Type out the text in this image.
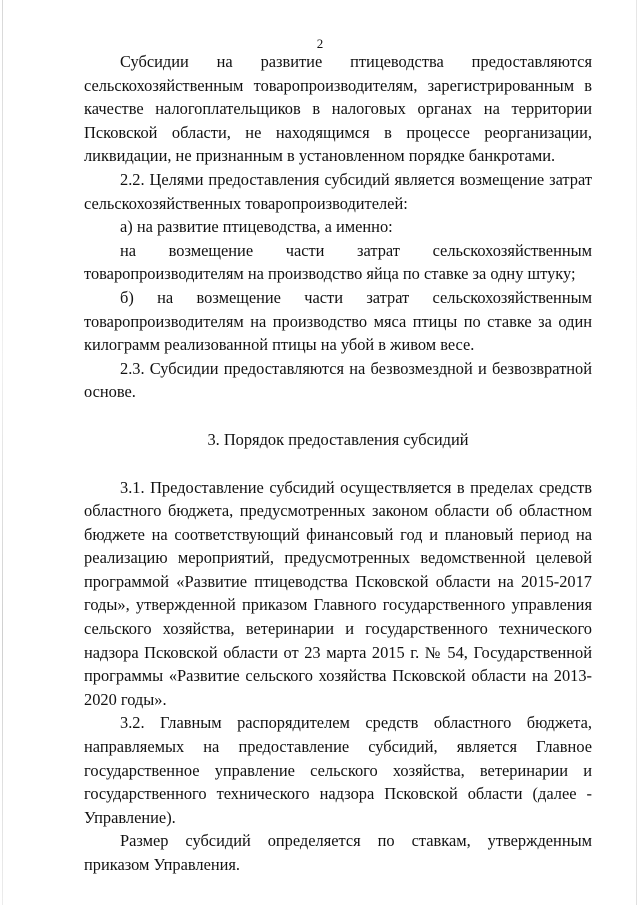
2

Субсидии на развитие птицеводства предоставляются сельскохозяйственным товаропроизводителям, зарегистрированным в качестве налогоплательщиков в налоговых органах на территории Псковской области, не находящимся в процессе реорганизации, ликвидации, не признанным в установленном порядке банкротами.

2.2. Целями предоставления субсидий является возмещение затрат сельскохозяйственных товаропроизводителей:

а) на развитие птицеводства, а именно:

на возмещение части затрат сельскохозяйственным товаропроизводителям на производство яйца по ставке за одну штуку;

б) на возмещение части затрат сельскохозяйственным товаропроизводителям на производство мяса птицы по ставке за один килограмм реализованной птицы на убой в живом весе.

2.3. Субсидии предоставляются на безвозмездной и безвозвратной основе.

3. Порядок предоставления субсидий

3.1. Предоставление субсидий осуществляется в пределах средств областного бюджета, предусмотренных законом области об областном бюджете на соответствующий финансовый год и плановый период на реализацию мероприятий, предусмотренных ведомственной целевой программой «Развитие птицеводства Псковской области на 2015-2017 годы», утвержденной приказом Главного государственного управления сельского хозяйства, ветеринарии и государственного технического надзора Псковской области от 23 марта 2015 г. № 54, Государственной программы «Развитие сельского хозяйства Псковской области на 2013-2020 годы».

3.2. Главным распорядителем средств областного бюджета, направляемых на предоставление субсидий, является Главное государственное управление сельского хозяйства, ветеринарии и государственного технического надзора Псковской области (далее - Управление).

Размер субсидий определяется по ставкам, утвержденным приказом Управления.
